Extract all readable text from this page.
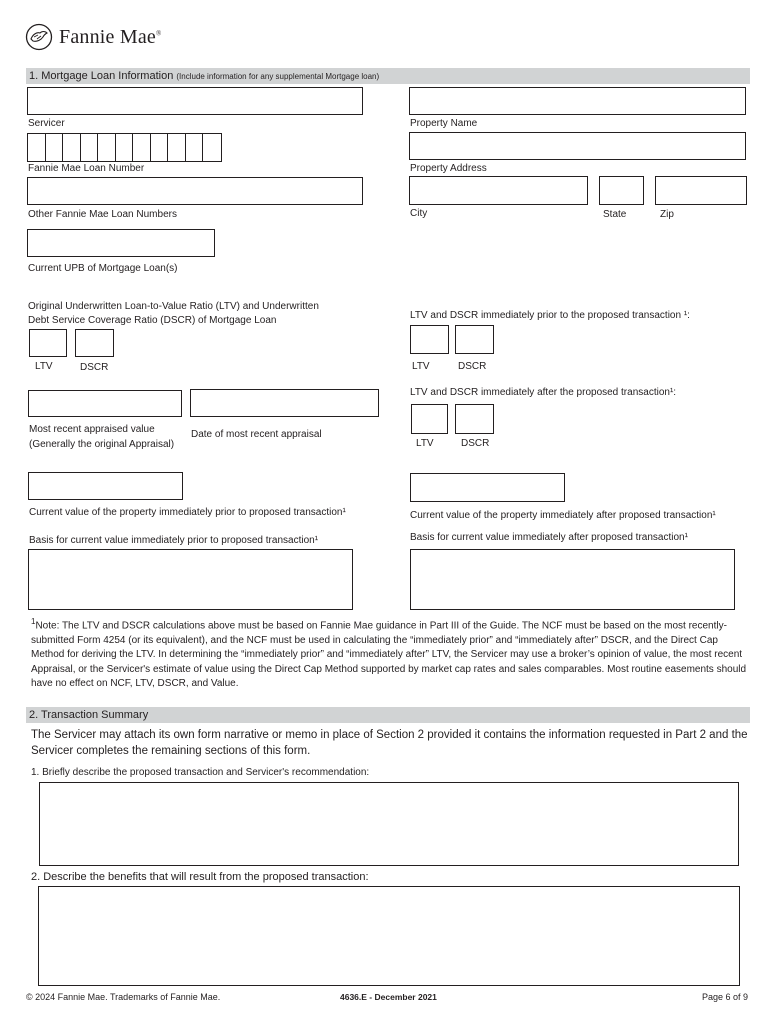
Fannie Mae®
1. Mortgage Loan Information (Include information for any supplemental Mortgage loan)
Servicer	Property Name
Fannie Mae Loan Number	Property Address
Other Fannie Mae Loan Numbers	City	State	Zip
Current UPB of Mortgage Loan(s)
Original Underwritten Loan-to-Value Ratio (LTV) and Underwritten
Debt Service Coverage Ratio (DSCR) of Mortgage Loan
LTV	DSCR
LTV and DSCR immediately prior to the proposed transaction ¹:
LTV	DSCR
LTV and DSCR immediately after the proposed transaction¹:
LTV	DSCR
Most recent appraised value
(Generally the original Appraisal)
Date of most recent appraisal
Current value of the property immediately prior to proposed transaction¹	Current value of the property immediately after proposed transaction¹
Basis for current value immediately prior to proposed transaction¹	Basis for current value immediately after proposed transaction¹
$^1$Note: The LTV and DSCR calculations above must be based on Fannie Mae guidance in Part III of the Guide. The NCF must be based on the most recently-submitted Form 4254 (or its equivalent), and the NCF must be used in calculating the “immediately prior” and “immediately after” DSCR, and the Direct Cap Method for deriving the LTV. In determining the “immediately prior” and “immediately after” LTV, the Servicer may use a broker’s opinion of value, the most recent Appraisal, or the Servicer's estimate of value using the Direct Cap Method supported by market cap rates and sales comparables. Most routine easements should have no effect on NCF, LTV, DSCR, and Value.
2. Transaction Summary
The Servicer may attach its own form narrative or memo in place of Section 2 provided it contains the information requested in Part 2 and the Servicer completes the remaining sections of this form.
1. Briefly describe the proposed transaction and Servicer's recommendation:
2. Describe the benefits that will result from the proposed transaction:
© 2024 Fannie Mae. Trademarks of Fannie Mae.	4636.E - December 2021	Page 6 of 9
